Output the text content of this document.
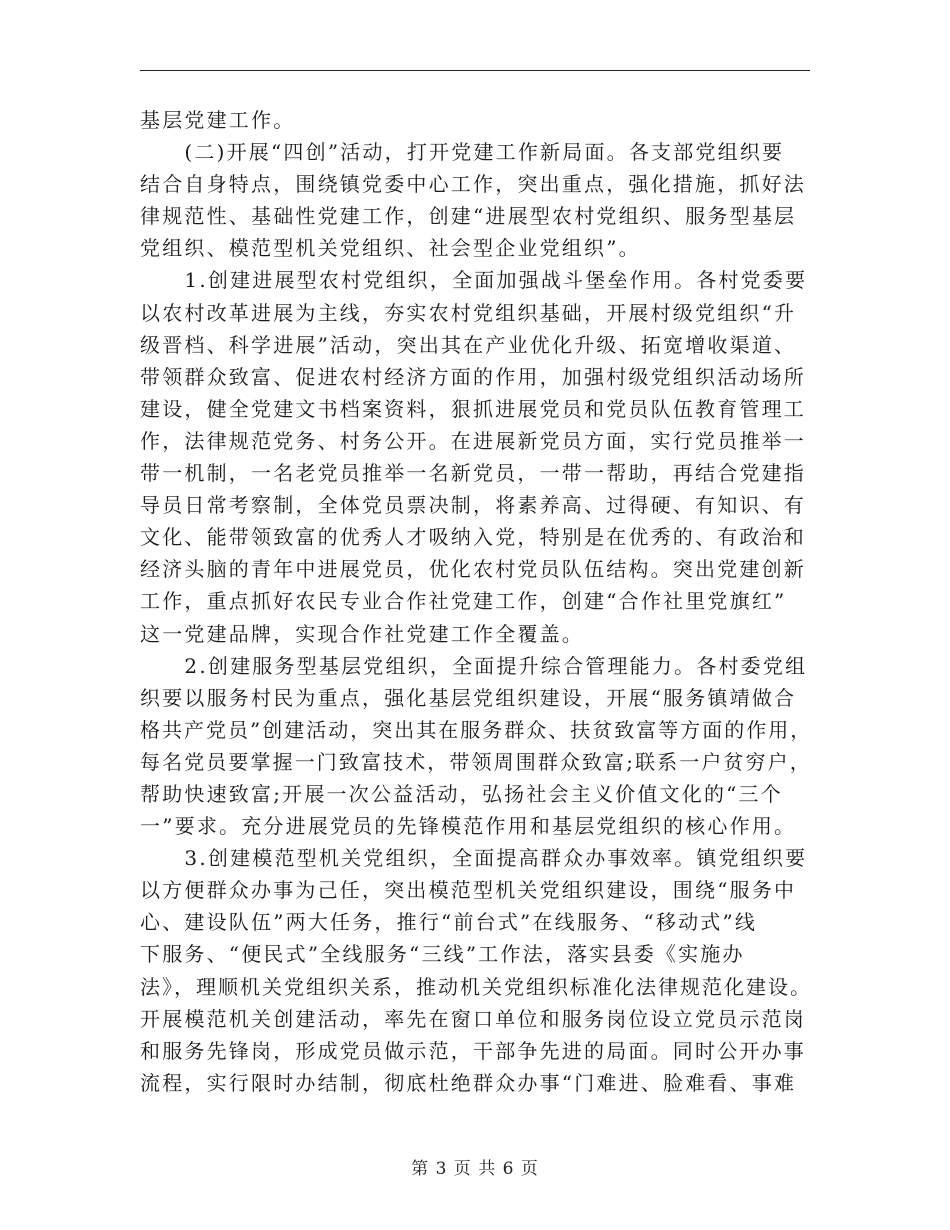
基层党建工作。
　　(二)开展“四创”活动，打开党建工作新局面。各支部党组织要
结合自身特点，围绕镇党委中心工作，突出重点，强化措施，抓好法
律规范性、基础性党建工作，创建“进展型农村党组织、服务型基层
党组织、模范型机关党组织、社会型企业党组织”。
　　1.创建进展型农村党组织，全面加强战斗堡垒作用。各村党委要
以农村改革进展为主线，夯实农村党组织基础，开展村级党组织“升
级晋档、科学进展”活动，突出其在产业优化升级、拓宽增收渠道、
带领群众致富、促进农村经济方面的作用，加强村级党组织活动场所
建设，健全党建文书档案资料，狠抓进展党员和党员队伍教育管理工
作，法律规范党务、村务公开。在进展新党员方面，实行党员推举一
带一机制，一名老党员推举一名新党员，一带一帮助，再结合党建指
导员日常考察制，全体党员票决制，将素养高、过得硬、有知识、有
文化、能带领致富的优秀人才吸纳入党，特别是在优秀的、有政治和
经济头脑的青年中进展党员，优化农村党员队伍结构。突出党建创新
工作，重点抓好农民专业合作社党建工作，创建“合作社里党旗红”
这一党建品牌，实现合作社党建工作全覆盖。
　　2.创建服务型基层党组织，全面提升综合管理能力。各村委党组
织要以服务村民为重点，强化基层党组织建设，开展“服务镇靖做合
格共产党员”创建活动，突出其在服务群众、扶贫致富等方面的作用，
每名党员要掌握一门致富技术，带领周围群众致富;联系一户贫穷户，
帮助快速致富;开展一次公益活动，弘扬社会主义价值文化的“三个
一”要求。充分进展党员的先锋模范作用和基层党组织的核心作用。
　　3.创建模范型机关党组织，全面提高群众办事效率。镇党组织要
以方便群众办事为己任，突出模范型机关党组织建设，围绕“服务中
心、建设队伍”两大任务，推行“前台式”在线服务、“移动式”线
下服务、“便民式”全线服务“三线”工作法，落实县委《实施办
法》，理顺机关党组织关系，推动机关党组织标准化法律规范化建设。
开展模范机关创建活动，率先在窗口单位和服务岗位设立党员示范岗
和服务先锋岗，形成党员做示范，干部争先进的局面。同时公开办事
流程，实行限时办结制，彻底杜绝群众办事“门难进、脸难看、事难
第 3 页 共 6 页
